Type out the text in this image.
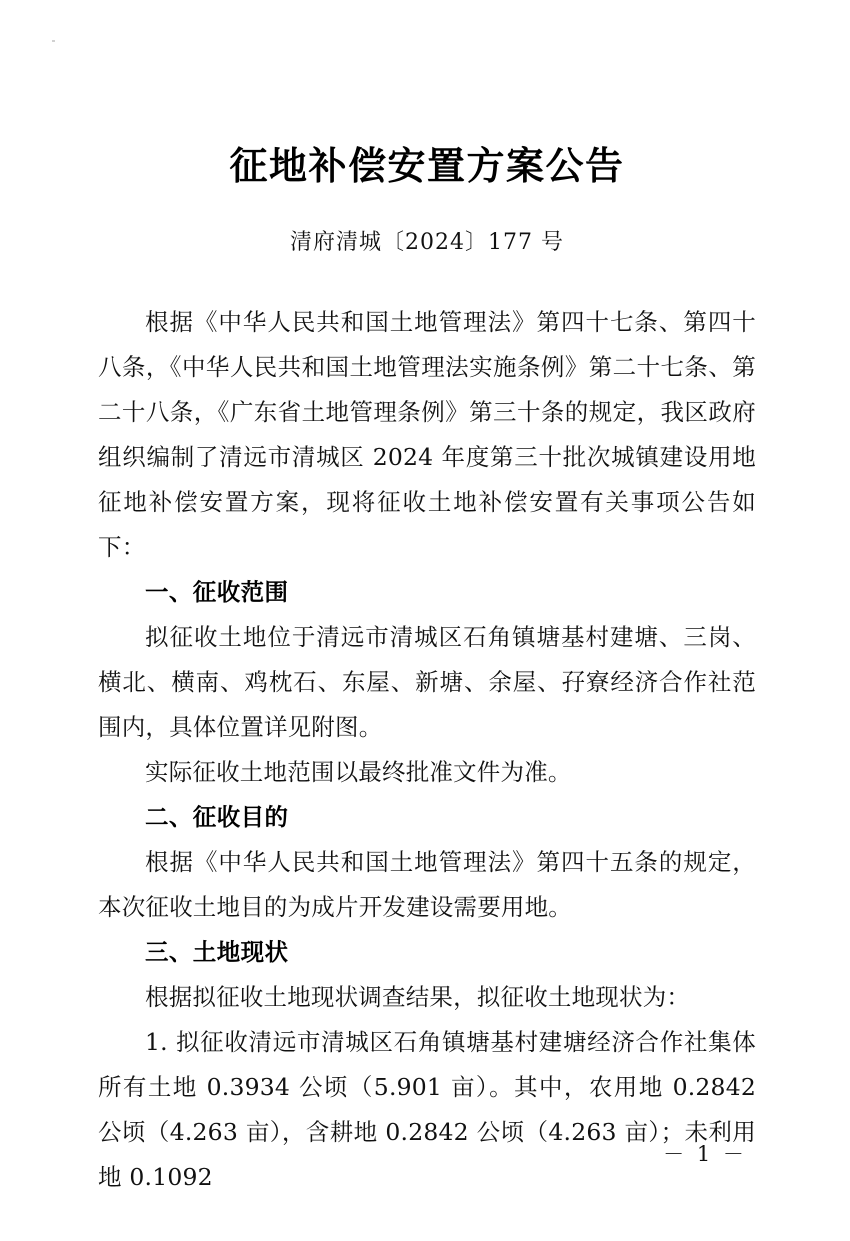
征地补偿安置方案公告

清府清城〔2024〕177 号

根据《中华人民共和国土地管理法》第四十七条、第四十八条，《中华人民共和国土地管理法实施条例》第二十七条、第二十八条，《广东省土地管理条例》第三十条的规定，我区政府组织编制了清远市清城区 2024 年度第三十批次城镇建设用地征地补偿安置方案，现将征收土地补偿安置有关事项公告如下：

一、征收范围

拟征收土地位于清远市清城区石角镇塘基村建塘、三岗、横北、横南、鸡枕石、东屋、新塘、余屋、孖寮经济合作社范围内，具体位置详见附图。

实际征收土地范围以最终批准文件为准。

二、征收目的

根据《中华人民共和国土地管理法》第四十五条的规定，本次征收土地目的为成片开发建设需要用地。

三、土地现状

根据拟征收土地现状调查结果，拟征收土地现状为：

1. 拟征收清远市清城区石角镇塘基村建塘经济合作社集体所有土地 0.3934 公顷（5.901 亩）。其中，农用地 0.2842 公顷（4.263 亩），含耕地 0.2842 公顷（4.263 亩）；未利用地 0.1092

－ 1 －
